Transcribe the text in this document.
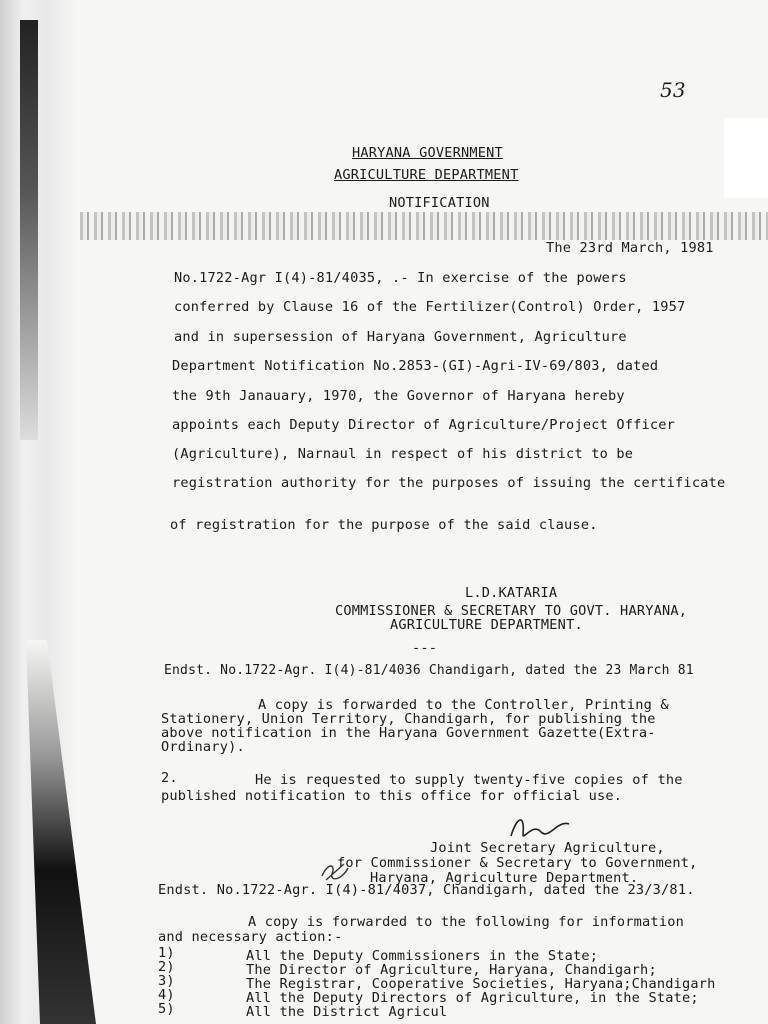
53
HARYANA GOVERNMENT
AGRICULTURE DEPARTMENT
NOTIFICATION
The 23rd March, 1981
No.1722-Agr I(4)-81/4035, .- In exercise of the powers
conferred by Clause 16 of the Fertilizer(Control) Order, 1957
and in supersession of Haryana Government, Agriculture
Department Notification No.2853-(GI)-Agri-IV-69/803, dated
the 9th Janauary, 1970, the Governor of Haryana hereby
appoints each Deputy Director of Agriculture/Project Officer
(Agriculture), Narnaul in respect of his district to be
registration authority for the purposes of issuing the certificate
of registration for the purpose of the said clause.
L.D.KATARIA
COMMISSIONER & SECRETARY TO GOVT. HARYANA,
AGRICULTURE DEPARTMENT.
---
Endst. No.1722-Agr. I(4)-81/4036 Chandigarh, dated the 23 March 81
A copy is forwarded to the Controller, Printing &
Stationery, Union Territory, Chandigarh, for publishing the
above notification in the Haryana Government Gazette(Extra-
Ordinary).
2.	He is requested to supply twenty-five copies of the
published notification to this office for official use.
Joint Secretary Agriculture,
for Commissioner & Secretary to Government,
Haryana, Agriculture Department.
Endst. No.1722-Agr. I(4)-81/4037, Chandigarh, dated the 23/3/81.
A copy is forwarded to the following for information
and necessary action:-
1)	All the Deputy Commissioners in the State;
2)	The Director of Agriculture, Haryana, Chandigarh;
3)	The Registrar, Cooperative Societies, Haryana;Chandigarh
4)	All the Deputy Directors of Agriculture, in the State;
5)	All the District Agricul
